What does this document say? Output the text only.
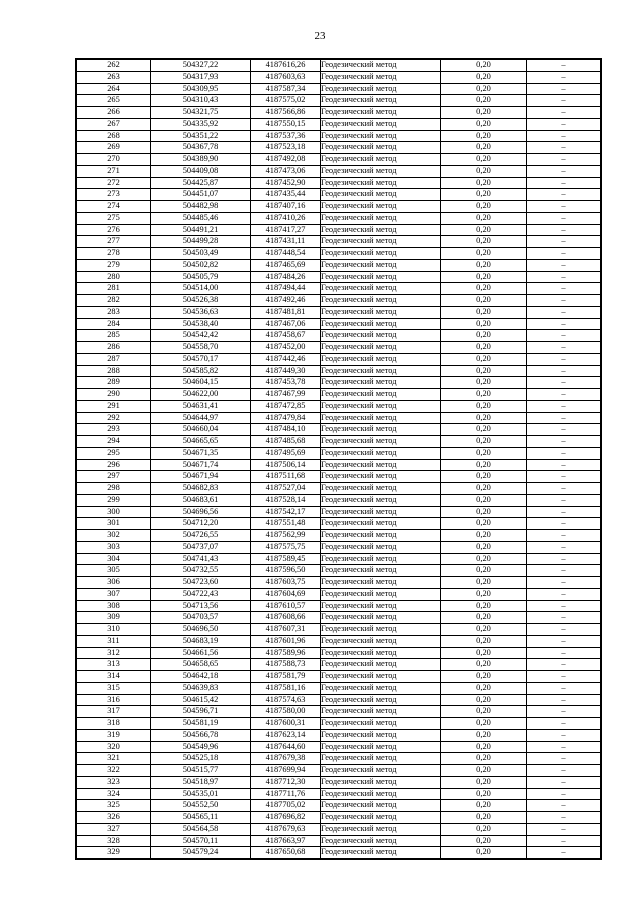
23
262	504327,22	4187616,26	Геодезический метод	0,20	–
263	504317,93	4187603,63	Геодезический метод	0,20	–
264	504309,95	4187587,34	Геодезический метод	0,20	–
265	504310,43	4187575,02	Геодезический метод	0,20	–
266	504321,75	4187566,86	Геодезический метод	0,20	–
267	504335,92	4187550,15	Геодезический метод	0,20	–
268	504351,22	4187537,36	Геодезический метод	0,20	–
269	504367,78	4187523,18	Геодезический метод	0,20	–
270	504389,90	4187492,08	Геодезический метод	0,20	–
271	504409,08	4187473,06	Геодезический метод	0,20	–
272	504425,87	4187452,90	Геодезический метод	0,20	–
273	504451,07	4187435,44	Геодезический метод	0,20	–
274	504482,98	4187407,16	Геодезический метод	0,20	–
275	504485,46	4187410,26	Геодезический метод	0,20	–
276	504491,21	4187417,27	Геодезический метод	0,20	–
277	504499,28	4187431,11	Геодезический метод	0,20	–
278	504503,49	4187448,54	Геодезический метод	0,20	–
279	504502,82	4187465,69	Геодезический метод	0,20	–
280	504505,79	4187484,26	Геодезический метод	0,20	–
281	504514,00	4187494,44	Геодезический метод	0,20	–
282	504526,38	4187492,46	Геодезический метод	0,20	–
283	504536,63	4187481,81	Геодезический метод	0,20	–
284	504538,40	4187467,06	Геодезический метод	0,20	–
285	504542,42	4187458,67	Геодезический метод	0,20	–
286	504558,70	4187452,00	Геодезический метод	0,20	–
287	504570,17	4187442,46	Геодезический метод	0,20	–
288	504585,82	4187449,30	Геодезический метод	0,20	–
289	504604,15	4187453,78	Геодезический метод	0,20	–
290	504622,00	4187467,99	Геодезический метод	0,20	–
291	504631,41	4187472,85	Геодезический метод	0,20	–
292	504644,97	4187479,84	Геодезический метод	0,20	–
293	504660,04	4187484,10	Геодезический метод	0,20	–
294	504665,65	4187485,68	Геодезический метод	0,20	–
295	504671,35	4187495,69	Геодезический метод	0,20	–
296	504671,74	4187506,14	Геодезический метод	0,20	–
297	504671,94	4187511,68	Геодезический метод	0,20	–
298	504682,83	4187527,04	Геодезический метод	0,20	–
299	504683,61	4187528,14	Геодезический метод	0,20	–
300	504696,56	4187542,17	Геодезический метод	0,20	–
301	504712,20	4187551,48	Геодезический метод	0,20	–
302	504726,55	4187562,99	Геодезический метод	0,20	–
303	504737,07	4187575,75	Геодезический метод	0,20	–
304	504741,43	4187589,45	Геодезический метод	0,20	–
305	504732,55	4187596,50	Геодезический метод	0,20	–
306	504723,60	4187603,75	Геодезический метод	0,20	–
307	504722,43	4187604,69	Геодезический метод	0,20	–
308	504713,56	4187610,57	Геодезический метод	0,20	–
309	504703,57	4187608,66	Геодезический метод	0,20	–
310	504696,50	4187607,31	Геодезический метод	0,20	–
311	504683,19	4187601,96	Геодезический метод	0,20	–
312	504661,56	4187589,96	Геодезический метод	0,20	–
313	504658,65	4187588,73	Геодезический метод	0,20	–
314	504642,18	4187581,79	Геодезический метод	0,20	–
315	504639,83	4187581,16	Геодезический метод	0,20	–
316	504615,42	4187574,63	Геодезический метод	0,20	–
317	504596,71	4187580,00	Геодезический метод	0,20	–
318	504581,19	4187600,31	Геодезический метод	0,20	–
319	504566,78	4187623,14	Геодезический метод	0,20	–
320	504549,96	4187644,60	Геодезический метод	0,20	–
321	504525,18	4187679,38	Геодезический метод	0,20	–
322	504515,77	4187699,94	Геодезический метод	0,20	–
323	504518,97	4187712,30	Геодезический метод	0,20	–
324	504535,01	4187711,76	Геодезический метод	0,20	–
325	504552,50	4187705,02	Геодезический метод	0,20	–
326	504565,11	4187696,82	Геодезический метод	0,20	–
327	504564,58	4187679,63	Геодезический метод	0,20	–
328	504570,11	4187663,97	Геодезический метод	0,20	–
329	504579,24	4187650,68	Геодезический метод	0,20	–
